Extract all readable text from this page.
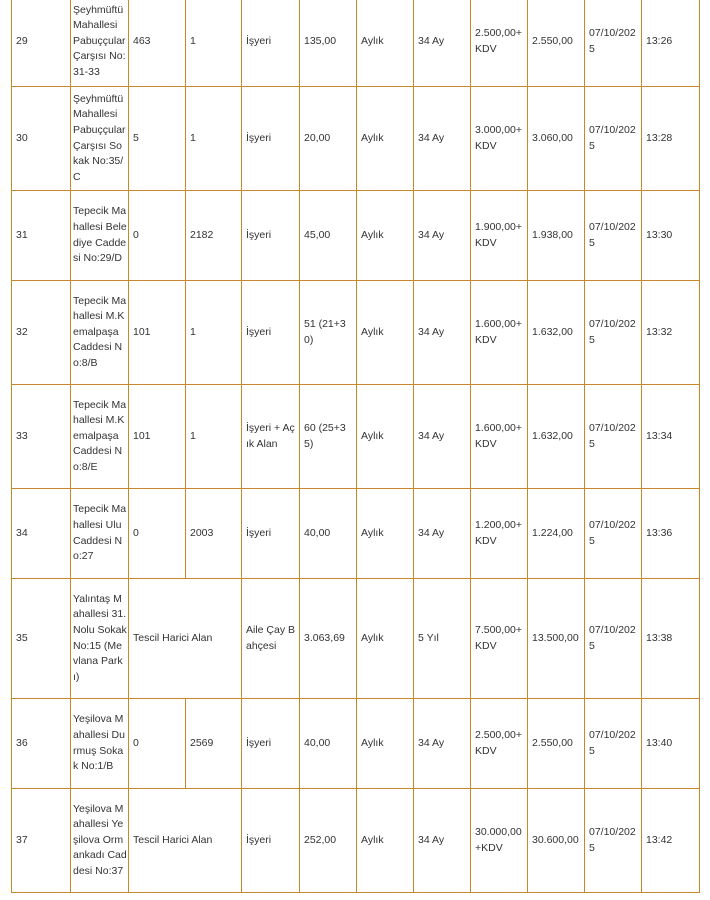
29	Şeyhmüftü Mahallesi Pabuççular Çarşısı No:31-33	463	1	İşyeri	135,00	Aylık	34 Ay	2.500,00+ KDV	2.550,00	07/10/2025	13:26
30	Şeyhmüftü Mahallesi Pabuççular Çarşısı Sokak No:35/C	5	1	İşyeri	20,00	Aylık	34 Ay	3.000,00+ KDV	3.060,00	07/10/2025	13:28
31	Tepecik Mahallesi Belediye Caddesi No:29/D	0	2182	İşyeri	45,00	Aylık	34 Ay	1.900,00+ KDV	1.938,00	07/10/2025	13:30
32	Tepecik Mahallesi M.Kemalpaşa Caddesi No:8/B	101	1	İşyeri	51 (21+30)	Aylık	34 Ay	1.600,00+ KDV	1.632,00	07/10/2025	13:32
33	Tepecik Mahallesi M.Kemalpaşa Caddesi No:8/E	101	1	İşyeri + Açık Alan	60 (25+35)	Aylık	34 Ay	1.600,00+ KDV	1.632,00	07/10/2025	13:34
34	Tepecik Mahallesi Ulu Caddesi No:27	0	2003	İşyeri	40,00	Aylık	34 Ay	1.200,00+ KDV	1.224,00	07/10/2025	13:36
35	Yalıntaş Mahallesi 31. Nolu Sokak No:15 (Mevlana Parkı)	Tescil Harici Alan		Aile Çay Bahçesi	3.063,69	Aylık	5 Yıl	7.500,00+ KDV	13.500,00	07/10/2025	13:38
36	Yeşilova Mahallesi Durmuş Sokak No:1/B	0	2569	İşyeri	40,00	Aylık	34 Ay	2.500,00+ KDV	2.550,00	07/10/2025	13:40
37	Yeşilova Mahallesi Yeşilova Ormankadı Caddesi No:37	Tescil Harici Alan		İşyeri	252,00	Aylık	34 Ay	30.000,00 +KDV	30.600,00	07/10/2025	13:42
